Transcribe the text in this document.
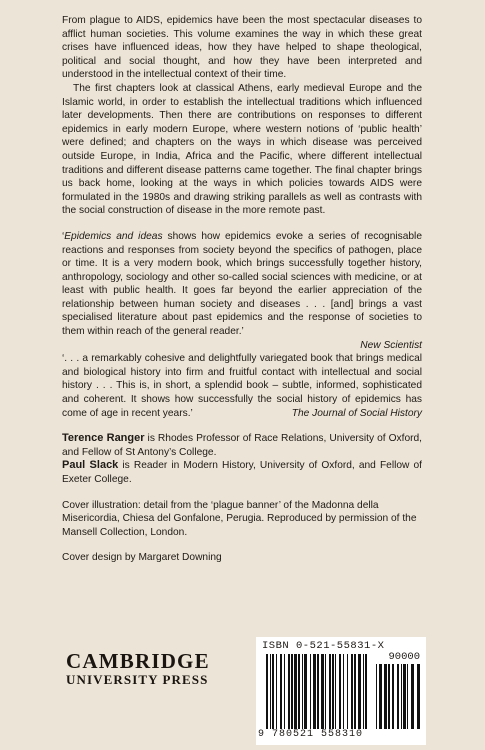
From plague to AIDS, epidemics have been the most spectacular diseases to afflict human societies. This volume examines the way in which these great crises have influenced ideas, how they have helped to shape theological, political and social thought, and how they have been interpreted and understood in the intellectual context of their time.

The first chapters look at classical Athens, early medieval Europe and the Islamic world, in order to establish the intellectual traditions which influenced later developments. Then there are contributions on responses to different epidemics in early modern Europe, where western notions of ‘public health’ were defined; and chapters on the ways in which disease was perceived outside Europe, in India, Africa and the Pacific, where different intellectual traditions and different disease patterns came together. The final chapter brings us back home, looking at the ways in which policies towards AIDS were formulated in the 1980s and drawing striking parallels as well as contrasts with the social construction of disease in the more remote past.

‘Epidemics and ideas shows how epidemics evoke a series of recognisable reactions and responses from society beyond the specifics of pathogen, place or time. It is a very modern book, which brings successfully together history, anthropology, sociology and other so-called social sciences with medicine, or at least with public health. It goes far beyond the earlier appreciation of the relationship between human society and diseases . . . [and] brings a vast specialised literature about past epidemics and the response of societies to them within reach of the general reader.’

New Scientist

‘. . . a remarkably cohesive and delightfully variegated book that brings medical and biological history into firm and fruitful contact with intellectual and social history . . . This is, in short, a splendid book – subtle, informed, sophisticated and coherent. It shows how successfully the social history of epidemics has come of age in recent years.’	The Journal of Social History

Terence Ranger is Rhodes Professor of Race Relations, University of Oxford, and Fellow of St Antony’s College.

Paul Slack is Reader in Modern History, University of Oxford, and Fellow of Exeter College.

Cover illustration: detail from the ‘plague banner’ of the Madonna della Misericordia, Chiesa del Gonfalone, Perugia. Reproduced by permission of the Mansell Collection, London.

Cover design by Margaret Downing

CAMBRIDGE
UNIVERSITY PRESS
ISBN 0-521-55831-X
90000
9 780521 558310
